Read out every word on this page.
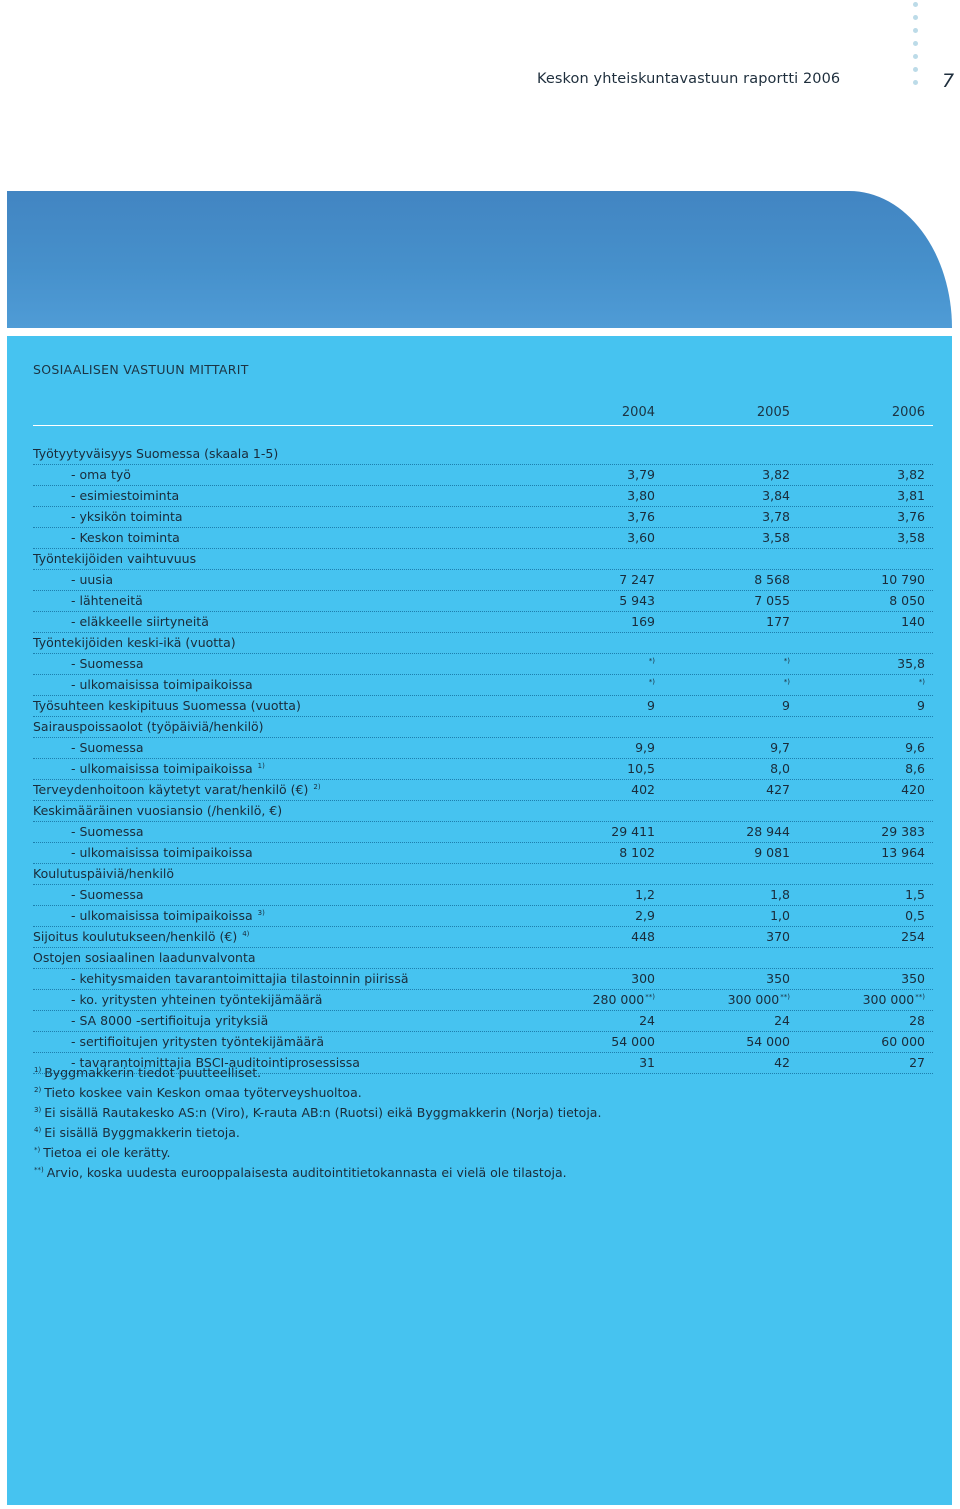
Keskon yhteiskuntavastuun raportti 2006	7
SOSIAALISEN VASTUUN MITTARIT
2004	2005	2006
Työtyytyväisyys Suomessa (skaala 1-5)
- oma työ	3,79	3,82	3,82
- esimiestoiminta	3,80	3,84	3,81
- yksikön toiminta	3,76	3,78	3,76
- Keskon toiminta	3,60	3,58	3,58
Työntekijöiden vaihtuvuus
- uusia	7 247	8 568	10 790
- lähteneitä	5 943	7 055	8 050
- eläkkeelle siirtyneitä	169	177	140
Työntekijöiden keski-ikä (vuotta)
- Suomessa	*)	*)	35,8
- ulkomaisissa toimipaikoissa	*)	*)	*)
Työsuhteen keskipituus Suomessa (vuotta)	9	9	9
Sairauspoissaolot (työpäiviä/henkilö)
- Suomessa	9,9	9,7	9,6
- ulkomaisissa toimipaikoissa $^{1)}$	10,5	8,0	8,6
Terveydenhoitoon käytetyt varat/henkilö (€) $^{2)}$	402	427	420
Keskimääräinen vuosiansio (/henkilö, €)
- Suomessa	29 411	28 944	29 383
- ulkomaisissa toimipaikoissa	8 102	9 081	13 964
Koulutuspäiviä/henkilö
- Suomessa	1,2	1,8	1,5
- ulkomaisissa toimipaikoissa $^{3)}$	2,9	1,0	0,5
Sijoitus koulutukseen/henkilö (€) $^{4)}$	448	370	254
Ostojen sosiaalinen laadunvalvonta
- kehitysmaiden tavarantoimittajia tilastoinnin piirissä	300	350	350
- ko. yritysten yhteinen työntekijämäärä	280 000**)	300 000**)	300 000**)
- SA 8000 -sertifioituja yrityksiä	24	24	28
- sertifioitujen yritysten työntekijämäärä	54 000	54 000	60 000
- tavarantoimittajia BSCI-auditointiprosessissa	31	42	27
$^{1)}$ Byggmakkerin tiedot puutteelliset.
$^{2)}$ Tieto koskee vain Keskon omaa työterveyshuoltoa.
$^{3)}$ Ei sisällä Rautakesko AS:n (Viro), K-rauta AB:n (Ruotsi) eikä Byggmakkerin (Norja) tietoja.
$^{4)}$ Ei sisällä Byggmakkerin tietoja.
*) Tietoa ei ole kerätty.
**) Arvio, koska uudesta eurooppalaisesta auditointitietokannasta ei vielä ole tilastoja.
